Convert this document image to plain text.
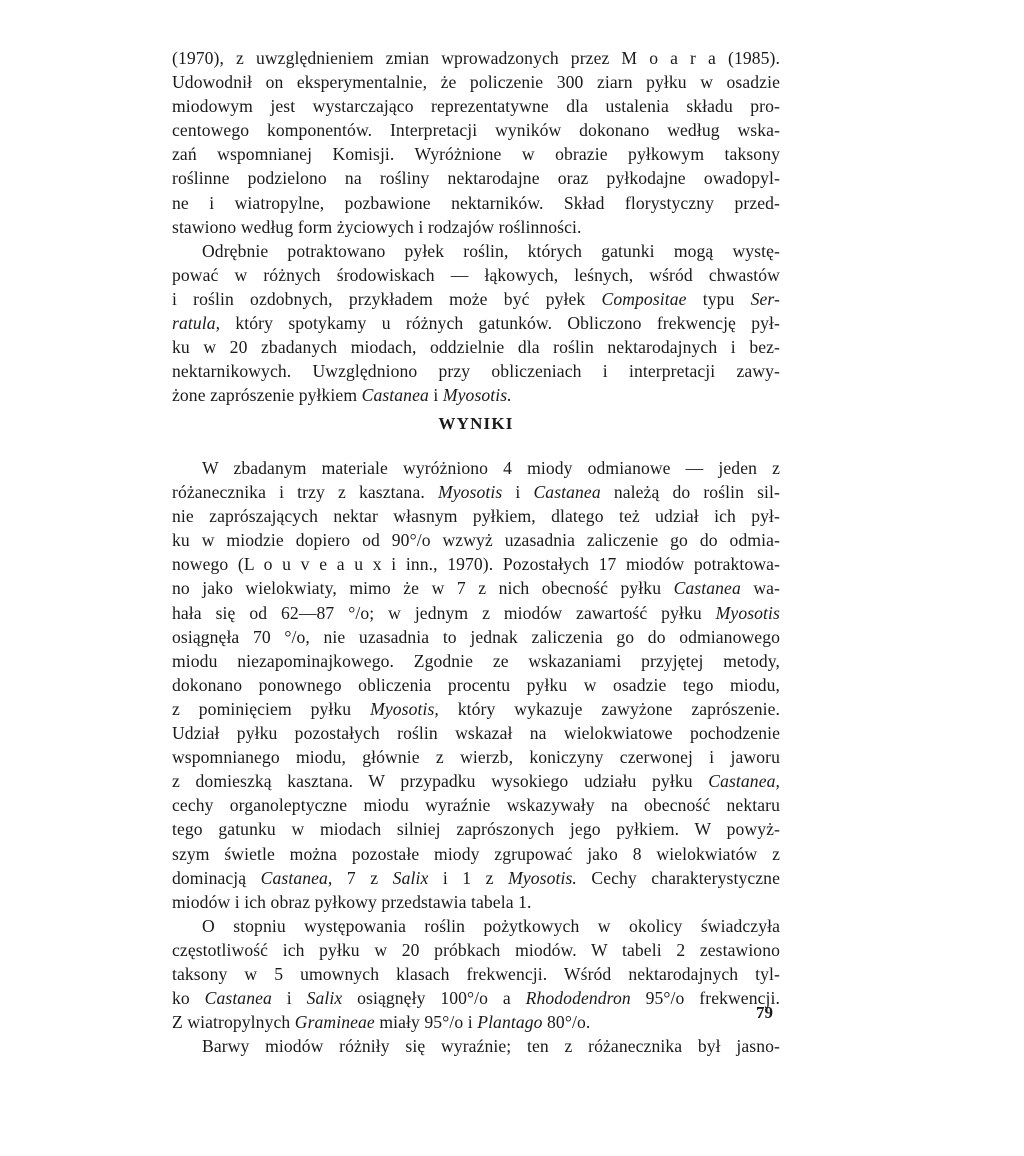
(1970), z uwzględnieniem zmian wprowadzonych przez M o a r a (1985).

Udowodnił on eksperymentalnie, że policzenie 300 ziarn pyłku w osadzie

miodowym jest wystarczająco reprezentatywne dla ustalenia składu pro-

centowego komponentów. Interpretacji wyników dokonano według wska-

zań wspomnianej Komisji. Wyróżnione w obrazie pyłkowym taksony

roślinne podzielono na rośliny nektarodajne oraz pyłkodajne owadopyl-

ne i wiatropylne, pozbawione nektarników. Skład florystyczny przed-

stawiono według form życiowych i rodzajów roślinności.

Odrębnie potraktowano pyłek roślin, których gatunki mogą wystę-

pować w różnych środowiskach — łąkowych, leśnych, wśród chwastów

i roślin ozdobnych, przykładem może być pyłek Compositae typu Ser-

ratula, który spotykamy u różnych gatunków. Obliczono frekwencję pył-

ku w 20 zbadanych miodach, oddzielnie dla roślin nektarodajnych i bez-

nektarnikowych. Uwzględniono przy obliczeniach i interpretacji zawy-

żone zaprószenie pyłkiem Castanea i Myosotis.

WYNIKI

W zbadanym materiale wyróżniono 4 miody odmianowe — jeden z

różanecznika i trzy z kasztana. Myosotis i Castanea należą do roślin sil-

nie zaprószających nektar własnym pyłkiem, dlatego też udział ich pył-

ku w miodzie dopiero od 90°/o wzwyż uzasadnia zaliczenie go do odmia-

nowego (L o u v e a u x i inn., 1970). Pozostałych 17 miodów potraktowa-

no jako wielokwiaty, mimo że w 7 z nich obecność pyłku Castanea wa-

hała się od 62—87 °/o; w jednym z miodów zawartość pyłku Myosotis

osiągnęła 70 °/o, nie uzasadnia to jednak zaliczenia go do odmianowego

miodu niezapominajkowego. Zgodnie ze wskazaniami przyjętej metody,

dokonano ponownego obliczenia procentu pyłku w osadzie tego miodu,

z pominięciem pyłku Myosotis, który wykazuje zawyżone zaprószenie.

Udział pyłku pozostałych roślin wskazał na wielokwiatowe pochodzenie

wspomnianego miodu, głównie z wierzb, koniczyny czerwonej i jaworu

z domieszką kasztana. W przypadku wysokiego udziału pyłku Castanea,

cechy organoleptyczne miodu wyraźnie wskazywały na obecność nektaru

tego gatunku w miodach silniej zaprószonych jego pyłkiem. W powyż-

szym świetle można pozostałe miody zgrupować jako 8 wielokwiatów z

dominacją Castanea, 7 z Salix i 1 z Myosotis. Cechy charakterystyczne

miodów i ich obraz pyłkowy przedstawia tabela 1.

O stopniu występowania roślin pożytkowych w okolicy świadczyła

częstotliwość ich pyłku w 20 próbkach miodów. W tabeli 2 zestawiono

taksony w 5 umownych klasach frekwencji. Wśród nektarodajnych tyl-

ko Castanea i Salix osiągnęły 100°/o a Rhododendron 95°/o frekwencji.

Z wiatropylnych Gramineae miały 95°/o i Plantago 80°/o.

Barwy miodów różniły się wyraźnie; ten z różanecznika był jasno-

79
